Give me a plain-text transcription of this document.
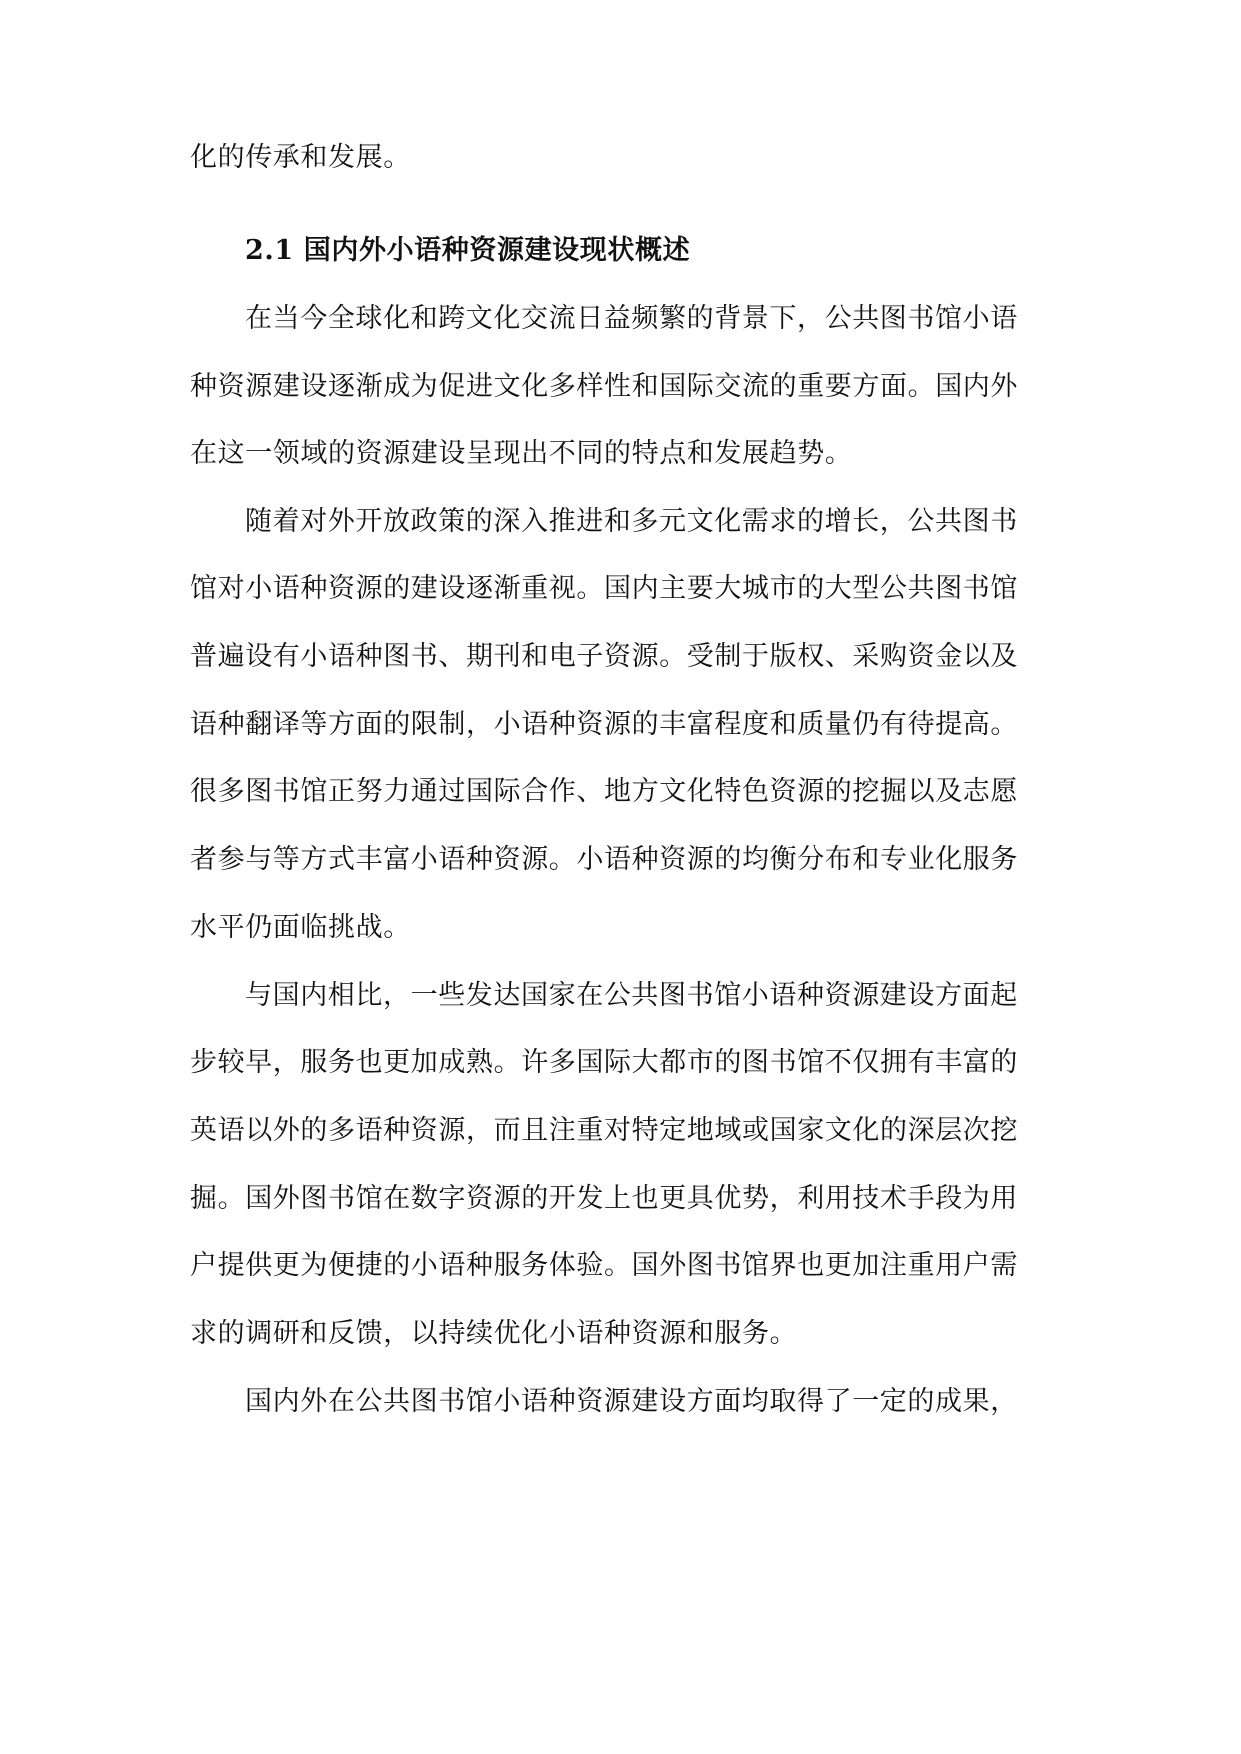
化的传承和发展。
2.1 国内外小语种资源建设现状概述
在当今全球化和跨文化交流日益频繁的背景下，公共图书馆小语
种资源建设逐渐成为促进文化多样性和国际交流的重要方面。国内外
在这一领域的资源建设呈现出不同的特点和发展趋势。
随着对外开放政策的深入推进和多元文化需求的增长，公共图书
馆对小语种资源的建设逐渐重视。国内主要大城市的大型公共图书馆
普遍设有小语种图书、期刊和电子资源。受制于版权、采购资金以及
语种翻译等方面的限制，小语种资源的丰富程度和质量仍有待提高。
很多图书馆正努力通过国际合作、地方文化特色资源的挖掘以及志愿
者参与等方式丰富小语种资源。小语种资源的均衡分布和专业化服务
水平仍面临挑战。
与国内相比，一些发达国家在公共图书馆小语种资源建设方面起
步较早，服务也更加成熟。许多国际大都市的图书馆不仅拥有丰富的
英语以外的多语种资源，而且注重对特定地域或国家文化的深层次挖
掘。国外图书馆在数字资源的开发上也更具优势，利用技术手段为用
户提供更为便捷的小语种服务体验。国外图书馆界也更加注重用户需
求的调研和反馈，以持续优化小语种资源和服务。
国内外在公共图书馆小语种资源建设方面均取得了一定的成果，
